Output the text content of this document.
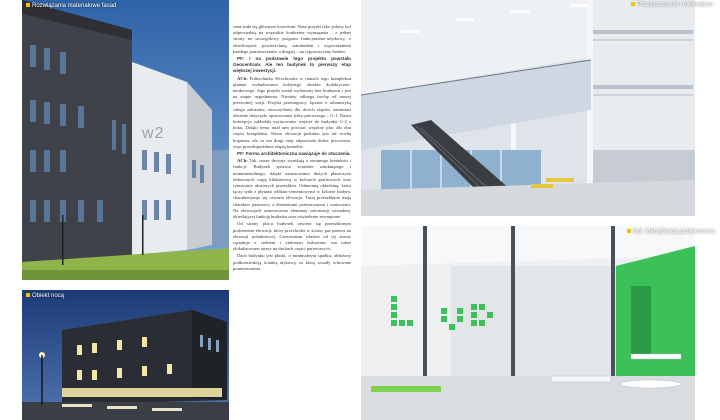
w2
Rozwiązania materiałowe fasad
Obiekt nocą

cena stała się głównym kryterium. Nasz projekt jako jedyny był odpowiedzią na wszystkie konkretne wymagania – z jednej strony na szczegółowy program funkcjonalno-użytkowy, z określonymi: powierzchnią, standardem i wyposażeniem każdego pomieszczenia, a drugiej – na rygorystyczny budżet.

PF: I na podstawie tego projektu powstało Geocentrum. Ale ten budynek to pierwszy etap większej inwestycji.

ACh: Politechnika Wrocławska w ramach tego kompleksu planuje wybudowanie kolejnego obiektu dydaktyczno-naukowego. Jego projekt został wyłoniony bez konkursu i jest na etapie uzgodnienia. Niestety odbiega trochę od naszej pierwotnej wizji. Projekt przetargowy, łącznie z urbanistyką całego założenia, stworzyliśmy dla dwóch etapów, natomiast zlecenie dotyczyło opracowania tylko pierwszego – G-1. Nasza koncepcja zakładała usytuowanie wejścia do budynku G-2 z boku. Dzięki temu miał tam powstać wspólny plac dla obu części kompleksu. Nasza elewacja podobno jest też trochę bogatsza, ale za ten drugi etap odpowiada dobra pracownia, więc prawdopodobnie zlapią kontekst.

PF: Forma architektoniczna nawiązuje do otoczenia.

ACh: Tak, nasze decyzje wynikają z zastanego kontekstu i funkcji. Budynek sprawia wrażenie zamkniętego i monumentalnego, dzięki zastosowaniu dużych płaszczyzn obłożonych cegłą klinkierową w kolorach grafitowych oraz rytmicznie ułożonych przeszkleń. Odmienną okładzinę, która łączy tynk z płytami włókno-cementowymi w kolorze białym, charakteryzuje się czwarta elewacja. Tutaj przeszklenia mają charakter pasmowy, z elementami przestawnymi i matowymi. Na elewacjach umieszczono elementy informacji wizualnej, określającej funkcję budynku oraz oświetlenie zewnętrzne.

Od strony placu budynek otwiera się przeszklonym podcieniem elewacji, który przechodzi w ściany pas parteru na elewacji południowej. Geocentrum właśnie od tej strony sąsiaduje z ciekiem i zielonym bulwarem, ma także zlokalizowane tarasy na dachach części parterowych.

Dach budynku jest płaski, o minimalnym spadku, obłożony podkonstrukcją ścianką atykową, za którą zostały schowane pomieszczenia

Przestrzenność i minimalizm
Hol. Identyfikacja przestrzenna
